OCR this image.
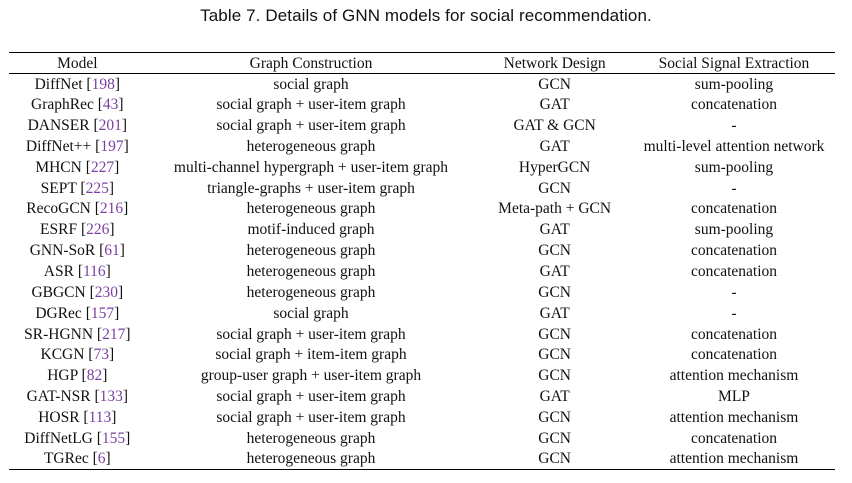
Table 7. Details of GNN models for social recommendation.
Model	Graph Construction	Network Design	Social Signal Extraction
DiffNet [198]	social graph	GCN	sum-pooling
GraphRec [43]	social graph + user-item graph	GAT	concatenation
DANSER [201]	social graph + user-item graph	GAT & GCN	-
DiffNet++ [197]	heterogeneous graph	GAT	multi-level attention network
MHCN [227]	multi-channel hypergraph + user-item graph	HyperGCN	sum-pooling
SEPT [225]	triangle-graphs + user-item graph	GCN	-
RecoGCN [216]	heterogeneous graph	Meta-path + GCN	concatenation
ESRF [226]	motif-induced graph	GAT	sum-pooling
GNN-SoR [61]	heterogeneous graph	GCN	concatenation
ASR [116]	heterogeneous graph	GAT	concatenation
GBGCN [230]	heterogeneous graph	GCN	-
DGRec [157]	social graph	GAT	-
SR-HGNN [217]	social graph + user-item graph	GCN	concatenation
KCGN [73]	social graph + item-item graph	GCN	concatenation
HGP [82]	group-user graph + user-item graph	GCN	attention mechanism
GAT-NSR [133]	social graph + user-item graph	GAT	MLP
HOSR [113]	social graph + user-item graph	GCN	attention mechanism
DiffNetLG [155]	heterogeneous graph	GCN	concatenation
TGRec [6]	heterogeneous graph	GCN	attention mechanism
